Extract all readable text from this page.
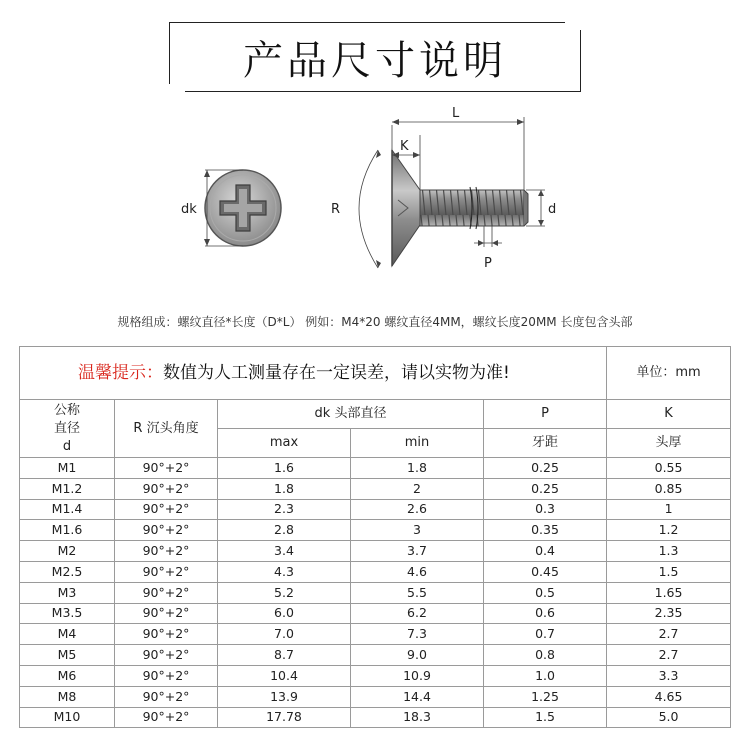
产品尺寸说明
dk	R
K
L
d
P
规格组成：螺纹直径*长度（D*L） 例如：M4*20 螺纹直径4MM，螺纹长度20MM 长度包含头部
温馨提示：数值为人工测量存在一定误差，请以实物为准!					单位：mm

公称
直径
d	R 沉头角度	dk 头部直径		P	K
		max	min	牙距	头厚
M1	90°+2°	1.6	1.8	0.25	0.55
M1.2	90°+2°	1.8	2	0.25	0.85
M1.4	90°+2°	2.3	2.6	0.3	1
M1.6	90°+2°	2.8	3	0.35	1.2
M2	90°+2°	3.4	3.7	0.4	1.3
M2.5	90°+2°	4.3	4.6	0.45	1.5
M3	90°+2°	5.2	5.5	0.5	1.65
M3.5	90°+2°	6.0	6.2	0.6	2.35
M4	90°+2°	7.0	7.3	0.7	2.7
M5	90°+2°	8.7	9.0	0.8	2.7
M6	90°+2°	10.4	10.9	1.0	3.3
M8	90°+2°	13.9	14.4	1.25	4.65
M10	90°+2°	17.78	18.3	1.5	5.0
